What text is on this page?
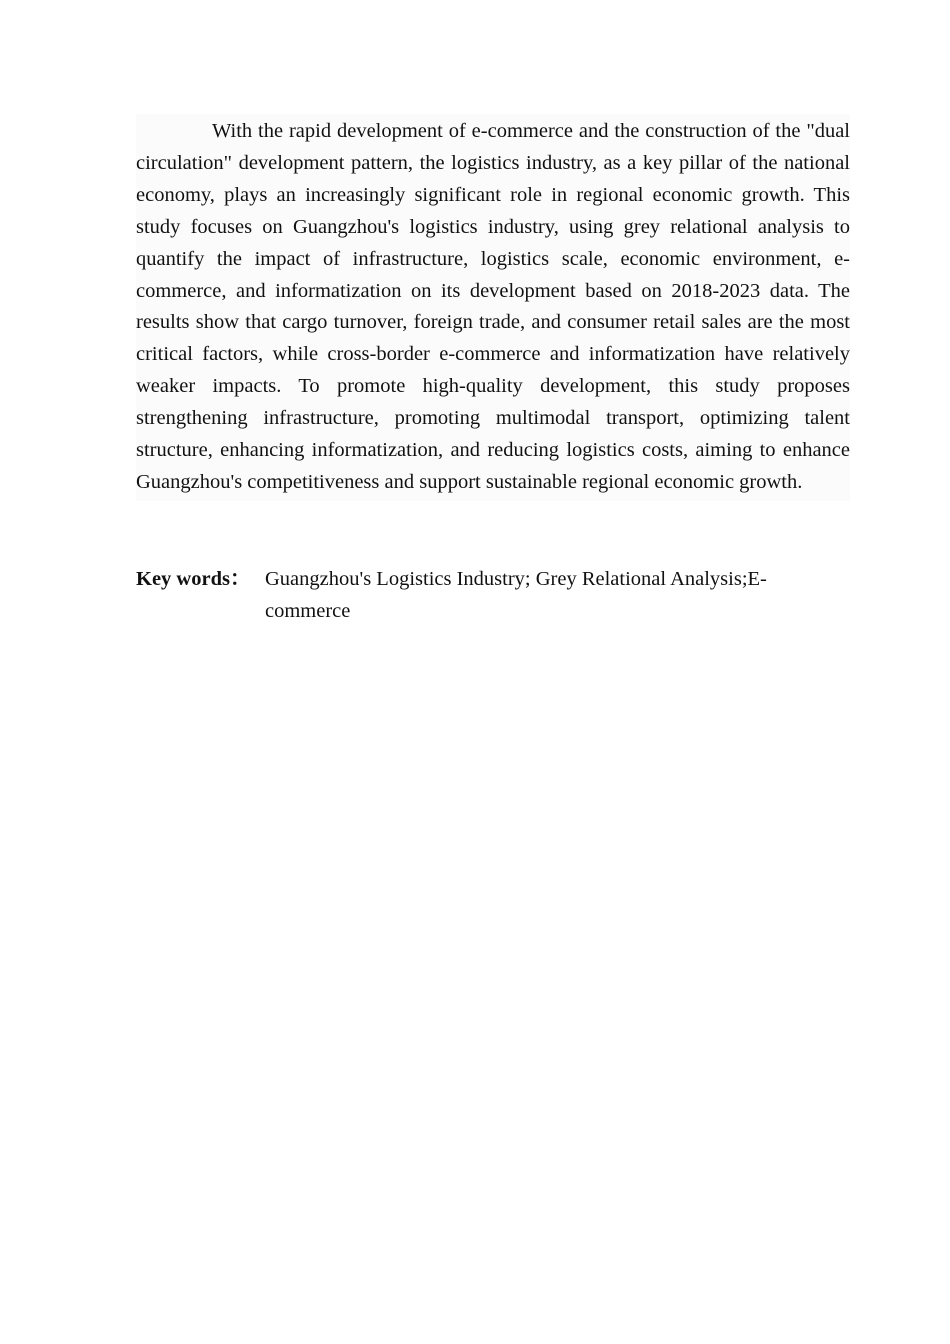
With the rapid development of e-commerce and the construction of the "dual circulation" development pattern, the logistics industry, as a key pillar of the national economy, plays an increasingly significant role in regional economic growth. This study focuses on Guangzhou's logistics industry, using grey relational analysis to quantify the impact of infrastructure, logistics scale, economic environment, e-commerce, and informatization on its development based on 2018-2023 data. The results show that cargo turnover, foreign trade, and consumer retail sales are the most critical factors, while cross-border e-commerce and informatization have relatively weaker impacts. To promote high-quality development, this study proposes strengthening infrastructure, promoting multimodal transport, optimizing talent structure, enhancing informatization, and reducing logistics costs, aiming to enhance Guangzhou's competitiveness and support sustainable regional economic growth.

Key words ： Guangzhou's Logistics Industry; Grey Relational Analysis;E-commerce
